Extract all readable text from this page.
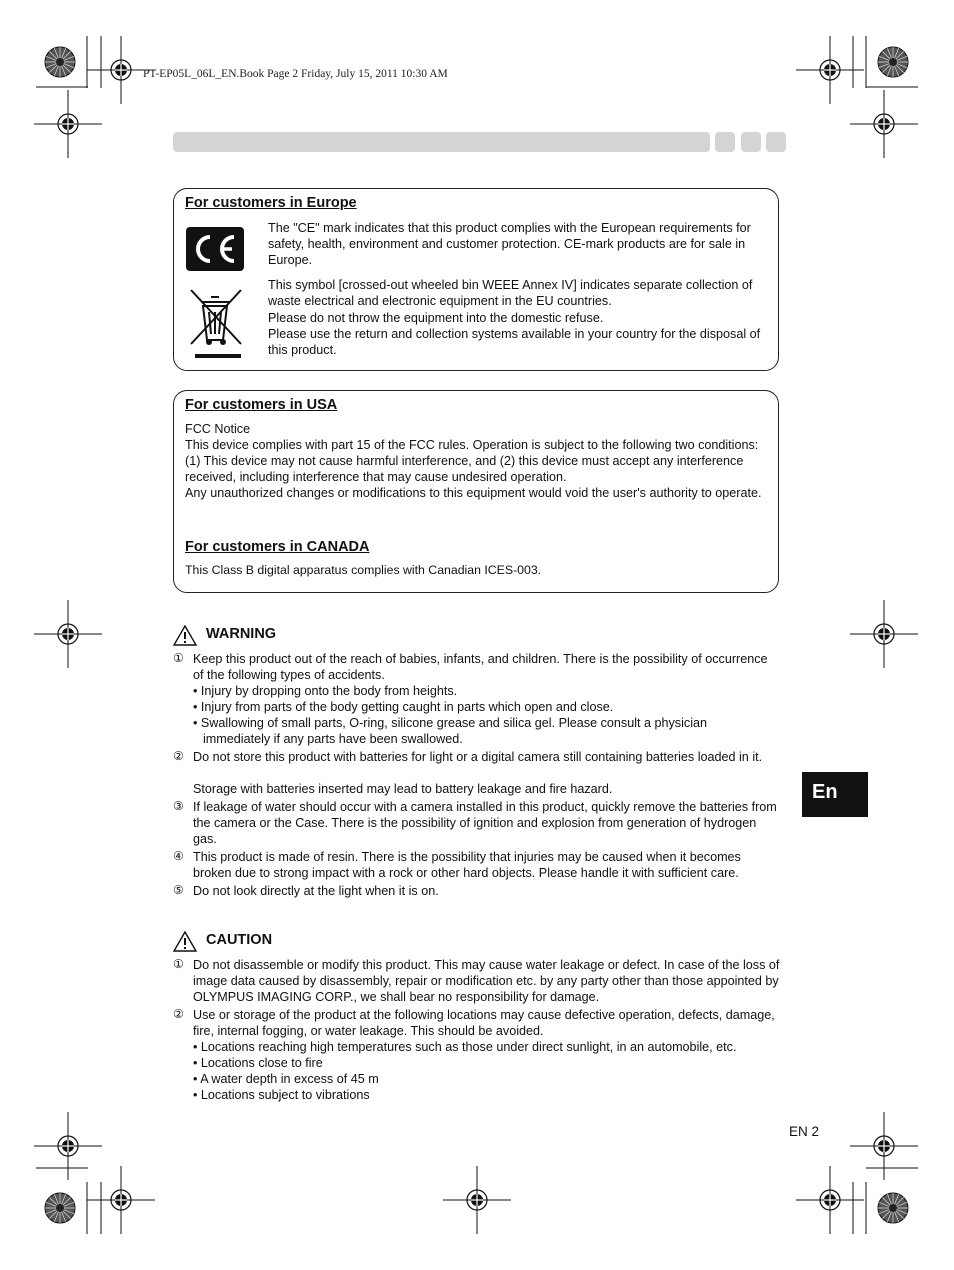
PT-EP05L_06L_EN.Book Page 2 Friday, July 15, 2011 10:30 AM
For customers in Europe
The "CE" mark indicates that this product complies with the European requirements for safety, health, environment and customer protection. CE-mark products are for sale in Europe.
This symbol [crossed-out wheeled bin WEEE Annex IV] indicates separate collection of waste electrical and electronic equipment in the EU countries.
Please do not throw the equipment into the domestic refuse.
Please use the return and collection systems available in your country for the disposal of this product.
For customers in USA
FCC Notice
This device complies with part 15 of the FCC rules. Operation is subject to the following two conditions: (1) This device may not cause harmful interference, and (2) this device must accept any interference received, including interference that may cause undesired operation.
Any unauthorized changes or modifications to this equipment would void the user's authority to operate.
For customers in CANADA
This Class B digital apparatus complies with Canadian ICES-003.
WARNING
① Keep this product out of the reach of babies, infants, and children. There is the possibility of occurrence of the following types of accidents.
• Injury by dropping onto the body from heights.
• Injury from parts of the body getting caught in parts which open and close.
• Swallowing of small parts, O-ring, silicone grease and silica gel. Please consult a physician immediately if any parts have been swallowed.
② Do not store this product with batteries for light or a digital camera still containing batteries loaded in it.
Storage with batteries inserted may lead to battery leakage and fire hazard.
③ If leakage of water should occur with a camera installed in this product, quickly remove the batteries from the camera or the Case. There is the possibility of ignition and explosion from generation of hydrogen gas.
④ This product is made of resin. There is the possibility that injuries may be caused when it becomes broken due to strong impact with a rock or other hard objects. Please handle it with sufficient care.
⑤ Do not look directly at the light when it is on.
CAUTION
① Do not disassemble or modify this product. This may cause water leakage or defect. In case of the loss of image data caused by disassembly, repair or modification etc. by any party other than those appointed by OLYMPUS IMAGING CORP., we shall bear no responsibility for damage.
② Use or storage of the product at the following locations may cause defective operation, defects, damage, fire, internal fogging, or water leakage. This should be avoided.
• Locations reaching high temperatures such as those under direct sunlight, in an automobile, etc.
• Locations close to fire
• A water depth in excess of 45 m
• Locations subject to vibrations
En
EN 2
